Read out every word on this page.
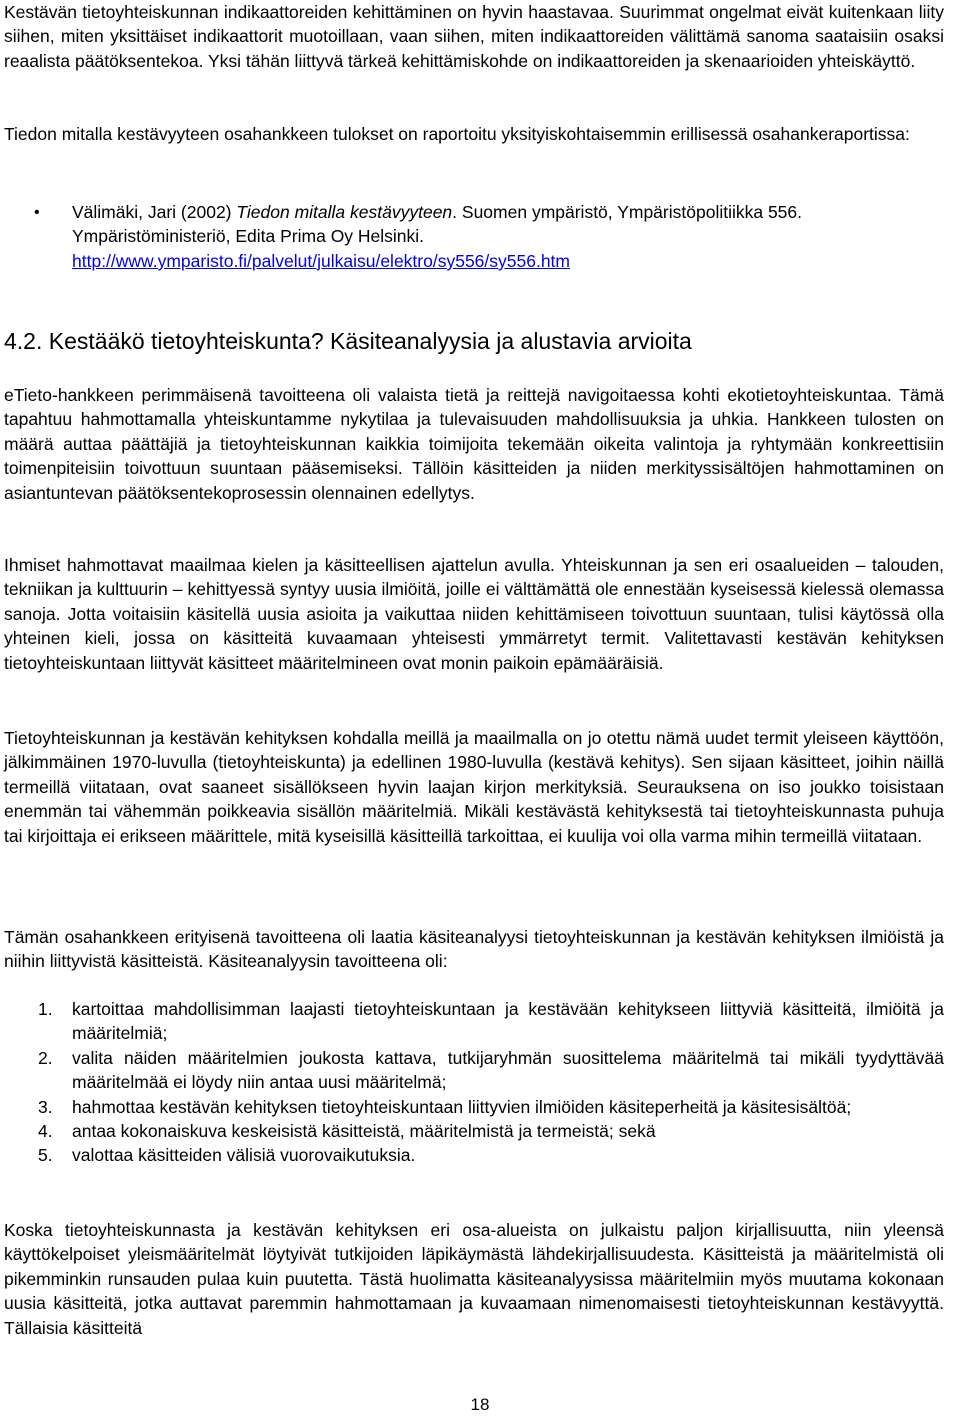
Kestävän tietoyhteiskunnan indikaattoreiden kehittäminen on hyvin haastavaa. Suurimmat ongelmat eivät kuitenkaan liity siihen, miten yksittäiset indikaattorit muotoillaan, vaan siihen, miten indikaattoreiden välittämä sanoma saataisiin osaksi reaalista päätöksentekoa. Yksi tähän liittyvä tärkeä kehittämiskohde on indikaattoreiden ja skenaarioiden yhteiskäyttö.

Tiedon mitalla kestävyyteen osahankkeen tulokset on raportoitu yksityiskohtaisemmin erillisessä osahankeraportissa:

• Välimäki, Jari (2002) Tiedon mitalla kestävyyteen. Suomen ympäristö, Ympäristöpolitiikka 556. Ympäristöministeriö, Edita Prima Oy Helsinki.
http://www.ymparisto.fi/palvelut/julkaisu/elektro/sy556/sy556.htm

4.2. Kestääkö tietoyhteiskunta? Käsiteanalyysia ja alustavia arvioita

eTieto-hankkeen perimmäisenä tavoitteena oli valaista tietä ja reittejä navigoitaessa kohti ekotietoyhteiskuntaa. Tämä tapahtuu hahmottamalla yhteiskuntamme nykytilaa ja tulevaisuuden mahdollisuuksia ja uhkia. Hankkeen tulosten on määrä auttaa päättäjiä ja tietoyhteiskunnan kaikkia toimijoita tekemään oikeita valintoja ja ryhtymään konkreettisiin toimenpiteisiin toivottuun suuntaan pääsemiseksi. Tällöin käsitteiden ja niiden merkityssisältöjen hahmottaminen on asiantuntevan päätöksentekoprosessin olennainen edellytys.

Ihmiset hahmottavat maailmaa kielen ja käsitteellisen ajattelun avulla. Yhteiskunnan ja sen eri osaalueiden – talouden, tekniikan ja kulttuurin – kehittyessä syntyy uusia ilmiöitä, joille ei välttämättä ole ennestään kyseisessä kielessä olemassa sanoja. Jotta voitaisiin käsitellä uusia asioita ja vaikuttaa niiden kehittämiseen toivottuun suuntaan, tulisi käytössä olla yhteinen kieli, jossa on käsitteitä kuvaamaan yhteisesti ymmärretyt termit. Valitettavasti kestävän kehityksen tietoyhteiskuntaan liittyvät käsitteet määritelmineen ovat monin paikoin epämääräisiä.

Tietoyhteiskunnan ja kestävän kehityksen kohdalla meillä ja maailmalla on jo otettu nämä uudet termit yleiseen käyttöön, jälkimmäinen 1970-luvulla (tietoyhteiskunta) ja edellinen 1980-luvulla (kestävä kehitys). Sen sijaan käsitteet, joihin näillä termeillä viitataan, ovat saaneet sisällökseen hyvin laajan kirjon merkityksiä. Seurauksena on iso joukko toisistaan enemmän tai vähemmän poikkeavia sisällön määritelmiä. Mikäli kestävästä kehityksestä tai tietoyhteiskunnasta puhuja tai kirjoittaja ei erikseen määrittele, mitä kyseisillä käsitteillä tarkoittaa, ei kuulija voi olla varma mihin termeillä viitataan.

Tämän osahankkeen erityisenä tavoitteena oli laatia käsiteanalyysi tietoyhteiskunnan ja kestävän kehityksen ilmiöistä ja niihin liittyvistä käsitteistä. Käsiteanalyysin tavoitteena oli:

1. kartoittaa mahdollisimman laajasti tietoyhteiskuntaan ja kestävään kehitykseen liittyviä käsitteitä, ilmiöitä ja määritelmiä;
2. valita näiden määritelmien joukosta kattava, tutkijaryhmän suosittelema määritelmä tai mikäli tyydyttävää määritelmää ei löydy niin antaa uusi määritelmä;
3. hahmottaa kestävän kehityksen tietoyhteiskuntaan liittyvien ilmiöiden käsiteperheitä ja käsitesisältöä;
4. antaa kokonaiskuva keskeisistä käsitteistä, määritelmistä ja termeistä; sekä
5. valottaa käsitteiden välisiä vuorovaikutuksia.

Koska tietoyhteiskunnasta ja kestävän kehityksen eri osa-alueista on julkaistu paljon kirjallisuutta, niin yleensä käyttökelpoiset yleismääritelmät löytyivät tutkijoiden läpikäymästä lähdekirjallisuudesta. Käsitteistä ja määritelmistä oli pikemminkin runsauden pulaa kuin puutetta. Tästä huolimatta käsiteanalyysissa määritelmiin myös muutama kokonaan uusia käsitteitä, jotka auttavat paremmin hahmottamaan ja kuvaamaan nimenomaisesti tietoyhteiskunnan kestävyyttä. Tällaisia käsitteitä

18
